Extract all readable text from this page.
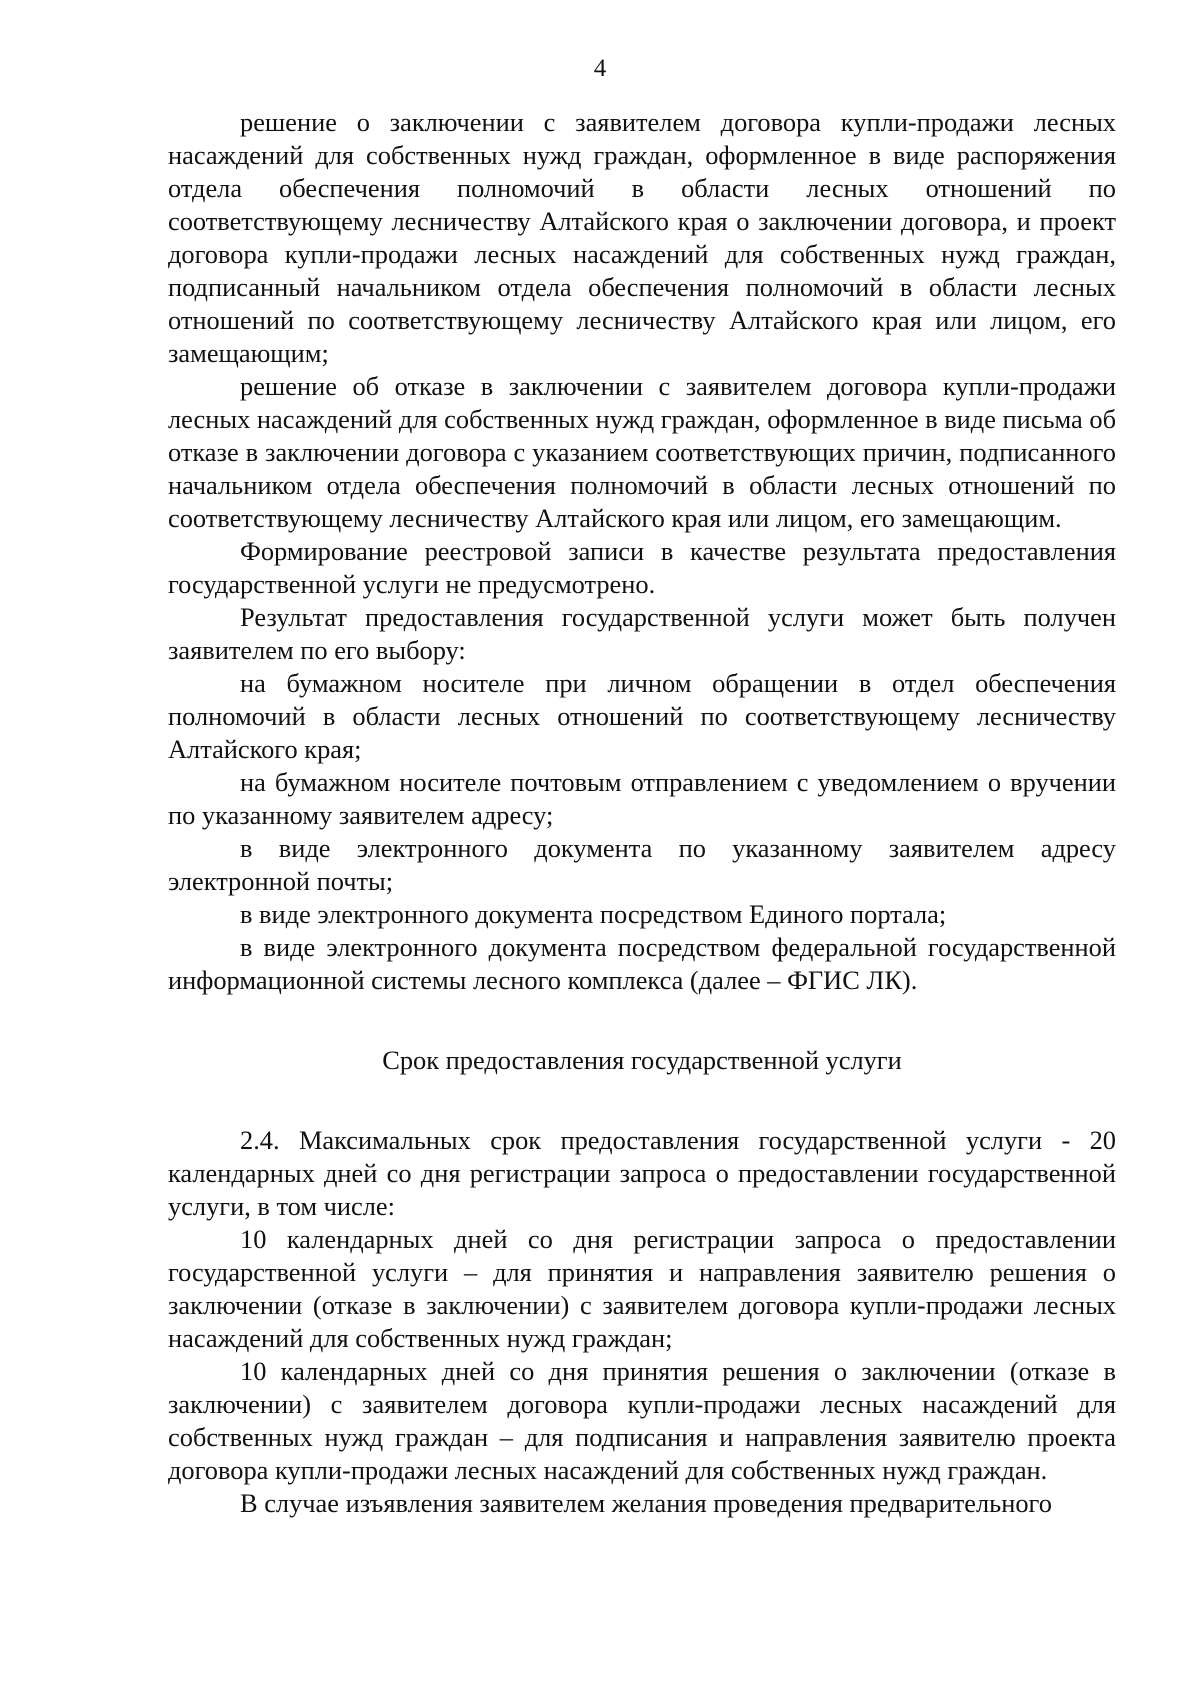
4

решение о заключении с заявителем договора купли-продажи лесных насаждений для собственных нужд граждан, оформленное в виде распоряжения отдела обеспечения полномочий в области лесных отношений по соответствующему лесничеству Алтайского края о заключении договора, и проект договора купли-продажи лесных насаждений для собственных нужд граждан, подписанный начальником отдела обеспечения полномочий в области лесных отношений по соответствующему лесничеству Алтайского края или лицом, его замещающим;

решение об отказе в заключении с заявителем договора купли-продажи лесных насаждений для собственных нужд граждан, оформленное в виде письма об отказе в заключении договора с указанием соответствующих причин, подписанного начальником отдела обеспечения полномочий в области лесных отношений по соответствующему лесничеству Алтайского края или лицом, его замещающим.

Формирование реестровой записи в качестве результата предоставления государственной услуги не предусмотрено.

Результат предоставления государственной услуги может быть получен заявителем по его выбору:

на бумажном носителе при личном обращении в отдел обеспечения полномочий в области лесных отношений по соответствующему лесничеству Алтайского края;

на бумажном носителе почтовым отправлением с уведомлением о вручении по указанному заявителем адресу;

в виде электронного документа по указанному заявителем адресу электронной почты;

в виде электронного документа посредством Единого портала;

в виде электронного документа посредством федеральной государственной информационной системы лесного комплекса (далее – ФГИС ЛК).

Срок предоставления государственной услуги

2.4. Максимальных срок предоставления государственной услуги - 20 календарных дней со дня регистрации запроса о предоставлении государственной услуги, в том числе:

10 календарных дней со дня регистрации запроса о предоставлении государственной услуги – для принятия и направления заявителю решения о заключении (отказе в заключении) с заявителем договора купли-продажи лесных насаждений для собственных нужд граждан;

10 календарных дней со дня принятия решения о заключении (отказе в заключении) с заявителем договора купли-продажи лесных насаждений для собственных нужд граждан – для подписания и направления заявителю проекта договора купли-продажи лесных насаждений для собственных нужд граждан.

В случае изъявления заявителем желания проведения предварительного
